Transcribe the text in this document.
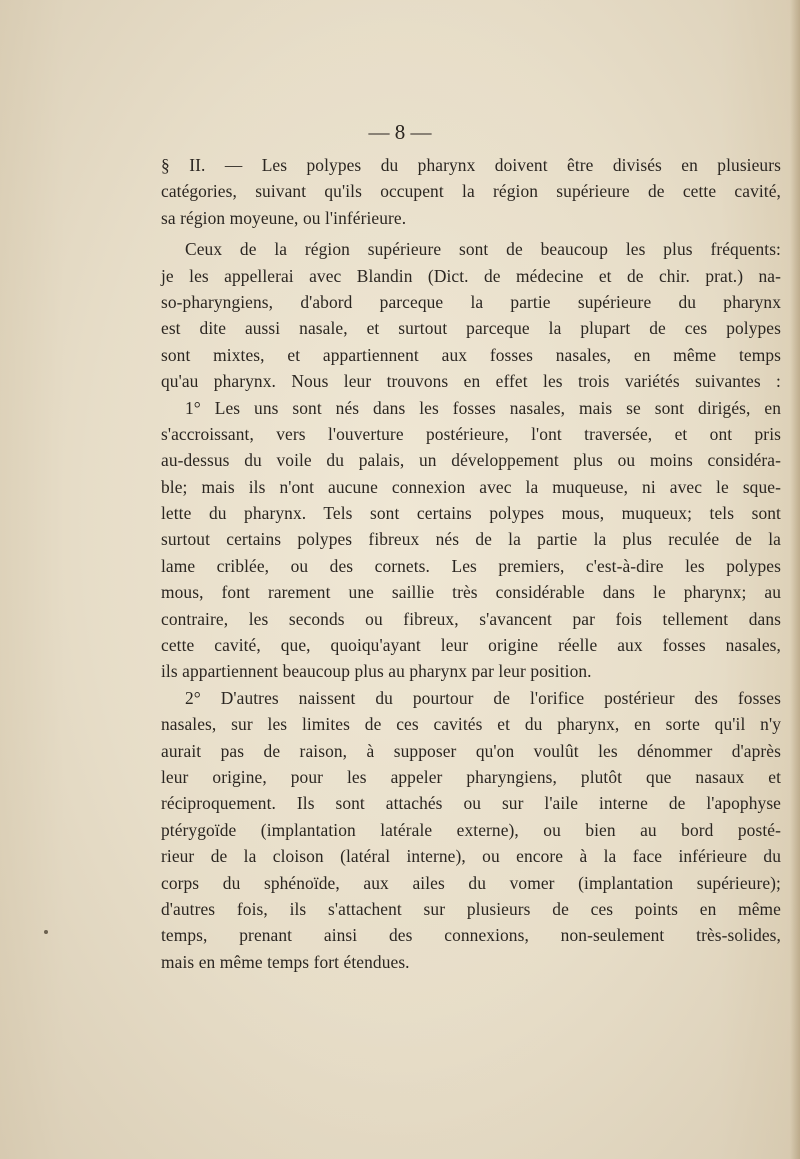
— 8 —
§ II. — Les polypes du pharynx doivent être divisés en plusieurs
catégories, suivant qu'ils occupent la région supérieure de cette cavité,
sa région moyeune, ou l'inférieure.
Ceux de la région supérieure sont de beaucoup les plus fréquents:
je les appellerai avec Blandin (Dict. de médecine et de chir. prat.) na-
so-pharyngiens, d'abord parceque la partie supérieure du pharynx
est dite aussi nasale, et surtout parceque la plupart de ces polypes
sont mixtes, et appartiennent aux fosses nasales, en même temps
qu'au pharynx. Nous leur trouvons en effet les trois variétés suivantes :
1° Les uns sont nés dans les fosses nasales, mais se sont dirigés, en
s'accroissant, vers l'ouverture postérieure, l'ont traversée, et ont pris
au-dessus du voile du palais, un développement plus ou moins considéra-
ble; mais ils n'ont aucune connexion avec la muqueuse, ni avec le sque-
lette du pharynx. Tels sont certains polypes mous, muqueux; tels sont
surtout certains polypes fibreux nés de la partie la plus reculée de la
lame criblée, ou des cornets. Les premiers, c'est-à-dire les polypes
mous, font rarement une saillie très considérable dans le pharynx; au
contraire, les seconds ou fibreux, s'avancent par fois tellement dans
cette cavité, que, quoiqu'ayant leur origine réelle aux fosses nasales,
ils appartiennent beaucoup plus au pharynx par leur position.
2° D'autres naissent du pourtour de l'orifice postérieur des fosses
nasales, sur les limites de ces cavités et du pharynx, en sorte qu'il n'y
aurait pas de raison, à supposer qu'on voulût les dénommer d'après
leur origine, pour les appeler pharyngiens, plutôt que nasaux et
réciproquement. Ils sont attachés ou sur l'aile interne de l'apophyse
ptérygoïde (implantation latérale externe), ou bien au bord posté-
rieur de la cloison (latéral interne), ou encore à la face inférieure du
corps du sphénoïde, aux ailes du vomer (implantation supérieure);
d'autres fois, ils s'attachent sur plusieurs de ces points en même
temps, prenant ainsi des connexions, non-seulement très-solides,
mais en même temps fort étendues.
